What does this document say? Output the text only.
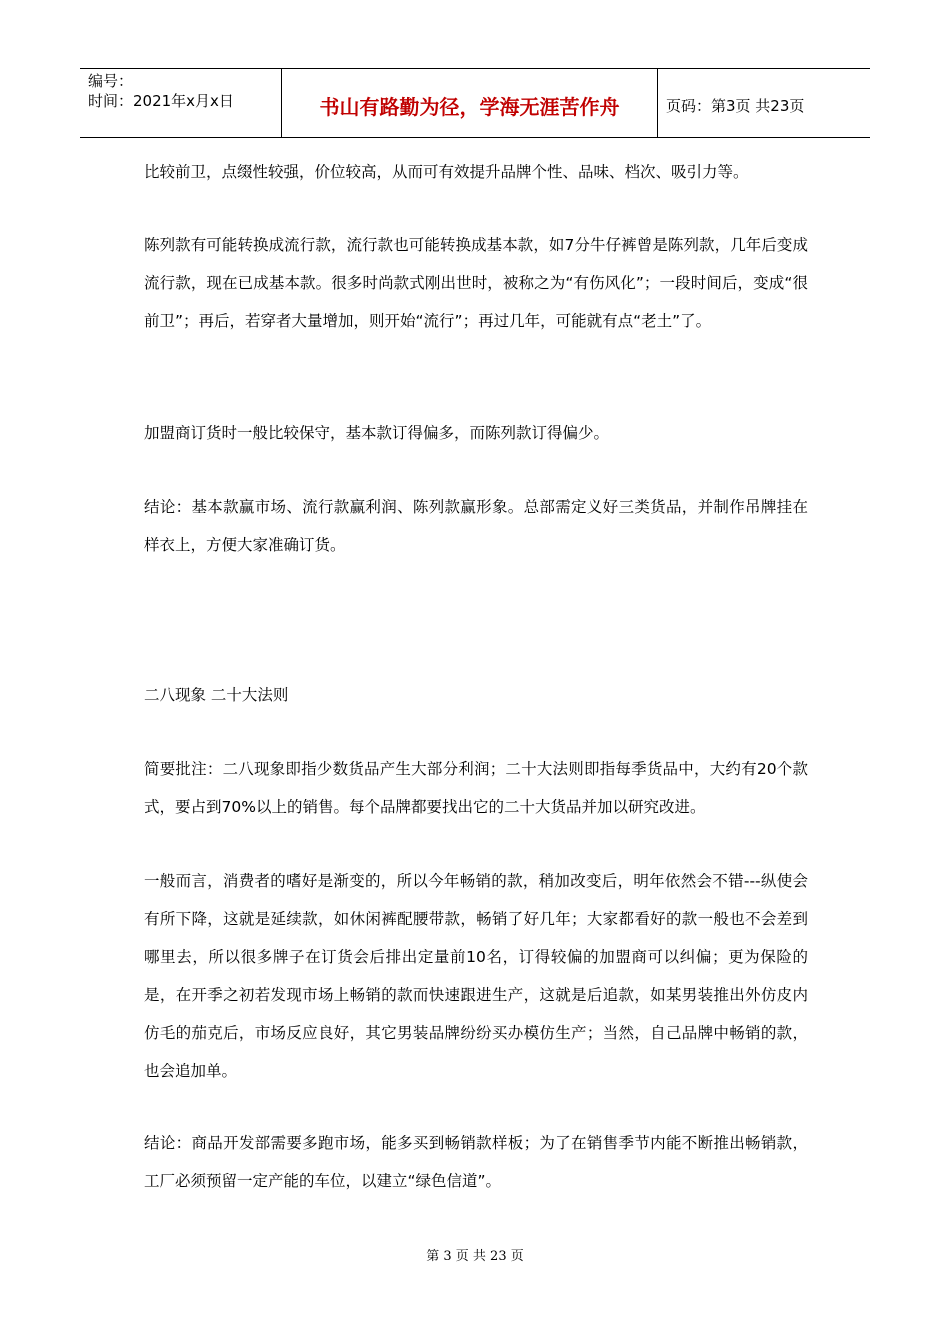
编号：
时间：2021年x月x日	书山有路勤为径，学海无涯苦作舟	页码：第3页 共23页

比较前卫，点缀性较强，价位较高，从而可有效提升品牌个性、品味、档次、吸引力等。

陈列款有可能转换成流行款，流行款也可能转换成基本款，如7分牛仔裤曾是陈列款，几年后变成流行款，现在已成基本款。很多时尚款式刚出世时，被称之为“有伤风化”；一段时间后，变成“很前卫”；再后，若穿者大量增加，则开始“流行”；再过几年，可能就有点“老土”了。

加盟商订货时一般比较保守，基本款订得偏多，而陈列款订得偏少。

结论：基本款赢市场、流行款赢利润、陈列款赢形象。总部需定义好三类货品，并制作吊牌挂在样衣上，方便大家准确订货。

二八现象 二十大法则

简要批注：二八现象即指少数货品产生大部分利润；二十大法则即指每季货品中，大约有20个款式，要占到70%以上的销售。每个品牌都要找出它的二十大货品并加以研究改进。

一般而言，消费者的嗜好是渐变的，所以今年畅销的款，稍加改变后，明年依然会不错---纵使会有所下降，这就是延续款，如休闲裤配腰带款，畅销了好几年；大家都看好的款一般也不会差到哪里去，所以很多牌子在订货会后排出定量前10名，订得较偏的加盟商可以纠偏；更为保险的是，在开季之初若发现市场上畅销的款而快速跟进生产，这就是后追款，如某男装推出外仿皮内仿毛的茄克后，市场反应良好，其它男装品牌纷纷买办模仿生产；当然，自己品牌中畅销的款，也会追加单。

结论：商品开发部需要多跑市场，能多买到畅销款样板；为了在销售季节内能不断推出畅销款，工厂必须预留一定产能的车位，以建立“绿色信道”。

第 3 页 共 23 页
